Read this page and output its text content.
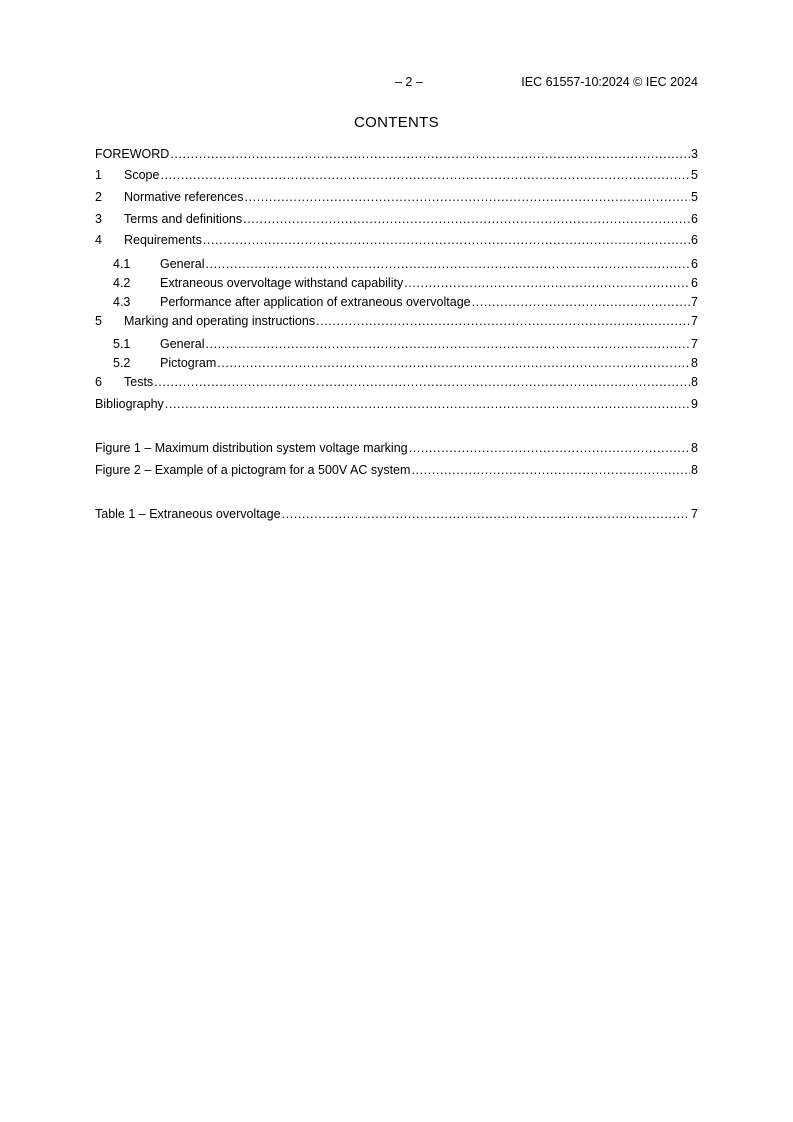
– 2 –	IEC 61557-10:2024 © IEC 2024
CONTENTS
FOREWORD .....	3
1	Scope .....	5
2	Normative references .....	5
3	Terms and definitions .....	6
4	Requirements .....	6
4.1	General .....	6
4.2	Extraneous overvoltage withstand capability .....	6
4.3	Performance after application of extraneous overvoltage .....	7
5	Marking and operating instructions .....	7
5.1	General .....	7
5.2	Pictogram .....	8
6	Tests .....	8
Bibliography .....	9
Figure 1 – Maximum distribution system voltage marking .....	8
Figure 2 – Example of a pictogram for a 500V AC system .....	8
Table 1 – Extraneous overvoltage .....	7
